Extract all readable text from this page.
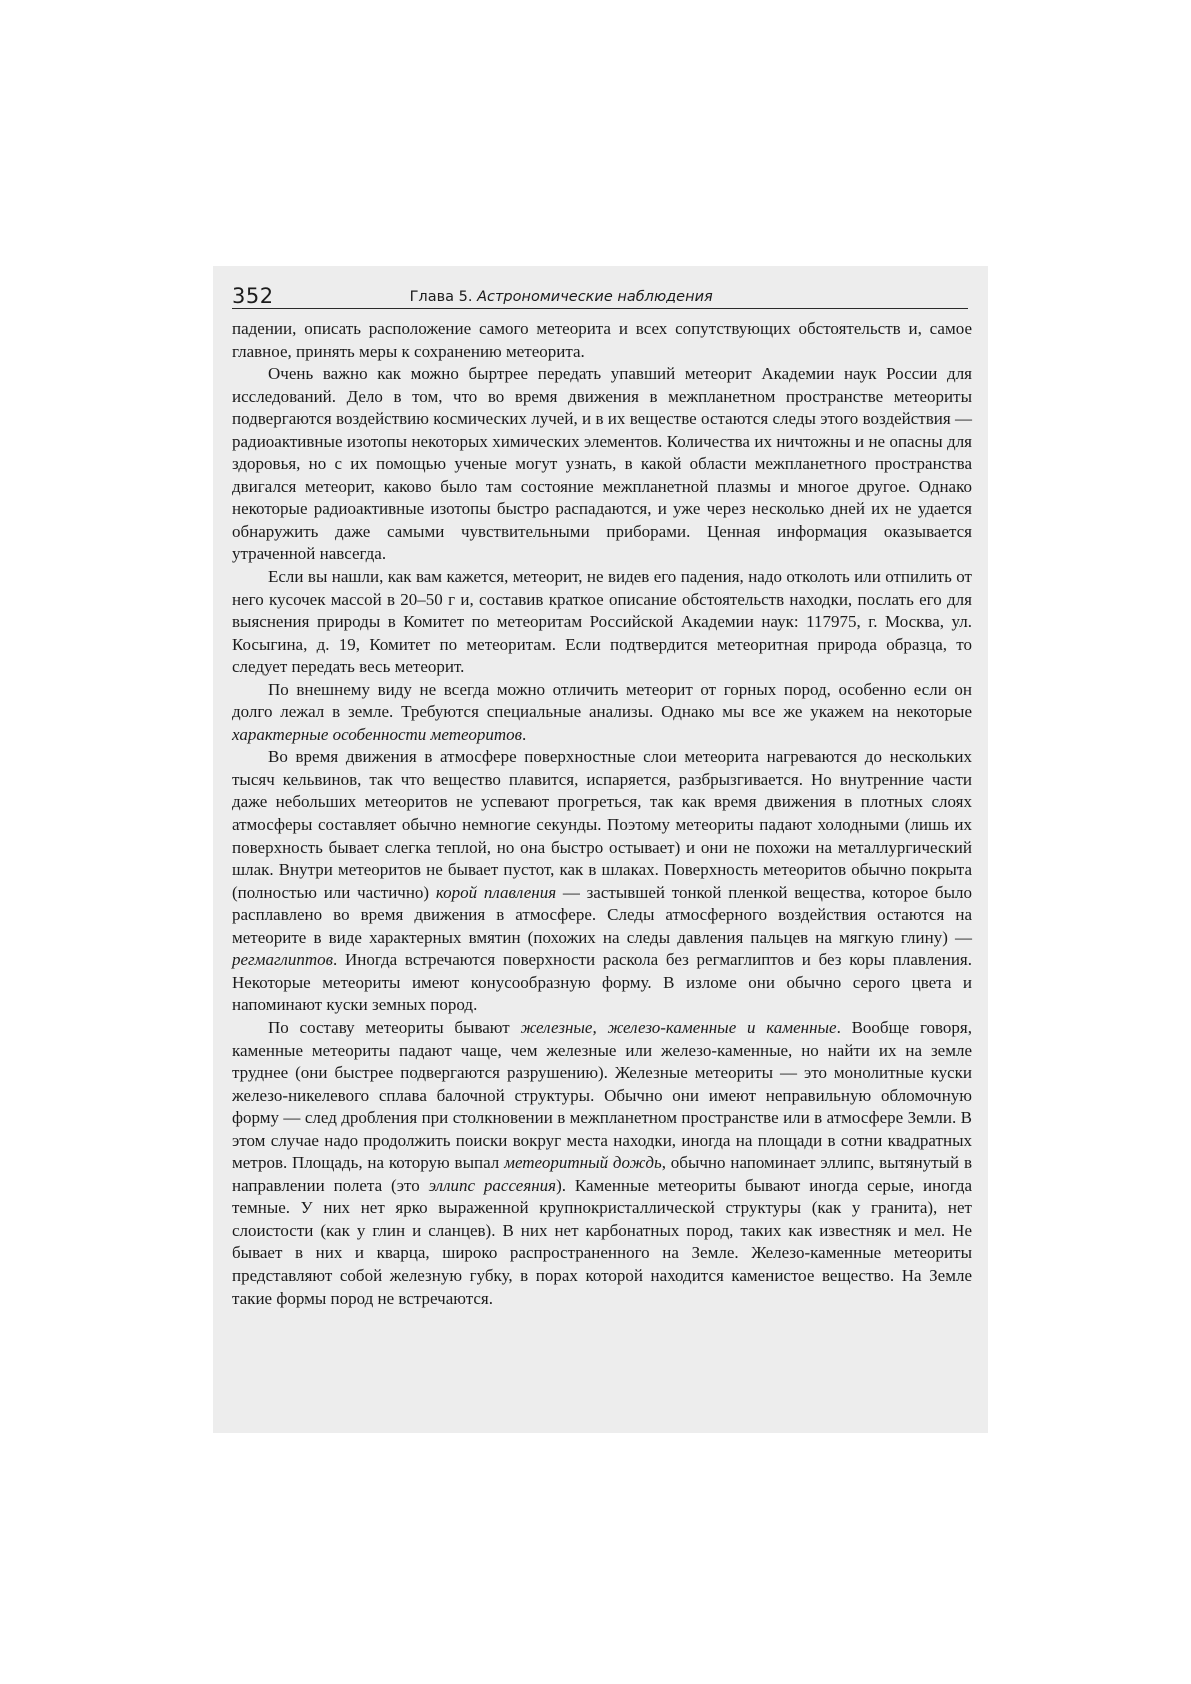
352	Глава 5. Астрономические наблюдения

падении, описать расположение самого метеорита и всех сопутствующих обстоятельств и, самое главное, принять меры к сохранению метеорита.

Очень важно как можно быртрее передать упавший метеорит Академии наук России для исследований. Дело в том, что во время движения в межпланетном пространстве метеориты подвергаются воздействию космических лучей, и в их веществе остаются следы этого воздействия — радиоактивные изотопы некоторых химических элементов. Количества их ничтожны и не опасны для здоровья, но с их помощью ученые могут узнать, в какой области межпланетного пространства двигался метеорит, каково было там состояние межпланетной плазмы и многое другое. Однако некоторые радиоактивные изотопы быстро распадаются, и уже через несколько дней их не удается обнаружить даже самыми чувствительными приборами. Ценная информация оказывается утраченной навсегда.

Если вы нашли, как вам кажется, метеорит, не видев его падения, надо отколоть или отпилить от него кусочек массой в 20–50 г и, составив краткое описание обстоятельств находки, послать его для выяснения природы в Комитет по метеоритам Российской Академии наук: 117975, г. Москва, ул. Косыгина, д. 19, Комитет по метеоритам. Если подтвердится метеоритная природа образца, то следует передать весь метеорит.

По внешнему виду не всегда можно отличить метеорит от горных пород, особенно если он долго лежал в земле. Требуются специальные анализы. Однако мы все же укажем на некоторые характерные особенности метеоритов.

Во время движения в атмосфере поверхностные слои метеорита нагреваются до нескольких тысяч кельвинов, так что вещество плавится, испаряется, разбрызгивается. Но внутренние части даже небольших метеоритов не успевают прогреться, так как время движения в плотных слоях атмосферы составляет обычно немногие секунды. Поэтому метеориты падают холодными (лишь их поверхность бывает слегка теплой, но она быстро остывает) и они не похожи на металлургический шлак. Внутри метеоритов не бывает пустот, как в шлаках. Поверхность метеоритов обычно покрыта (полностью или частично) корой плавления — застывшей тонкой пленкой вещества, которое было расплавлено во время движения в атмосфере. Следы атмосферного воздействия остаются на метеорите в виде характерных вмятин (похожих на следы давления пальцев на мягкую глину) — регмаглиптов. Иногда встречаются поверхности раскола без регмаглиптов и без коры плавления. Некоторые метеориты имеют конусообразную форму. В изломе они обычно серого цвета и напоминают куски земных пород.

По составу метеориты бывают железные, железо-каменные и каменные. Вообще говоря, каменные метеориты падают чаще, чем железные или железо-каменные, но найти их на земле труднее (они быстрее подвергаются разрушению). Железные метеориты — это монолитные куски железо-никелевого сплава балочной структуры. Обычно они имеют неправильную обломочную форму — след дробления при столкновении в межпланетном пространстве или в атмосфере Земли. В этом случае надо продолжить поиски вокруг места находки, иногда на площади в сотни квадратных метров. Площадь, на которую выпал метеоритный дождь, обычно напоминает эллипс, вытянутый в направлении полета (это эллипс рассеяния). Каменные метеориты бывают иногда серые, иногда темные. У них нет ярко выраженной крупнокристаллической структуры (как у гранита), нет слоистости (как у глин и сланцев). В них нет карбонатных пород, таких как известняк и мел. Не бывает в них и кварца, широко распространенного на Земле. Железо-каменные метеориты представляют собой железную губку, в порах которой находится каменистое вещество. На Земле такие формы пород не встречаются.
